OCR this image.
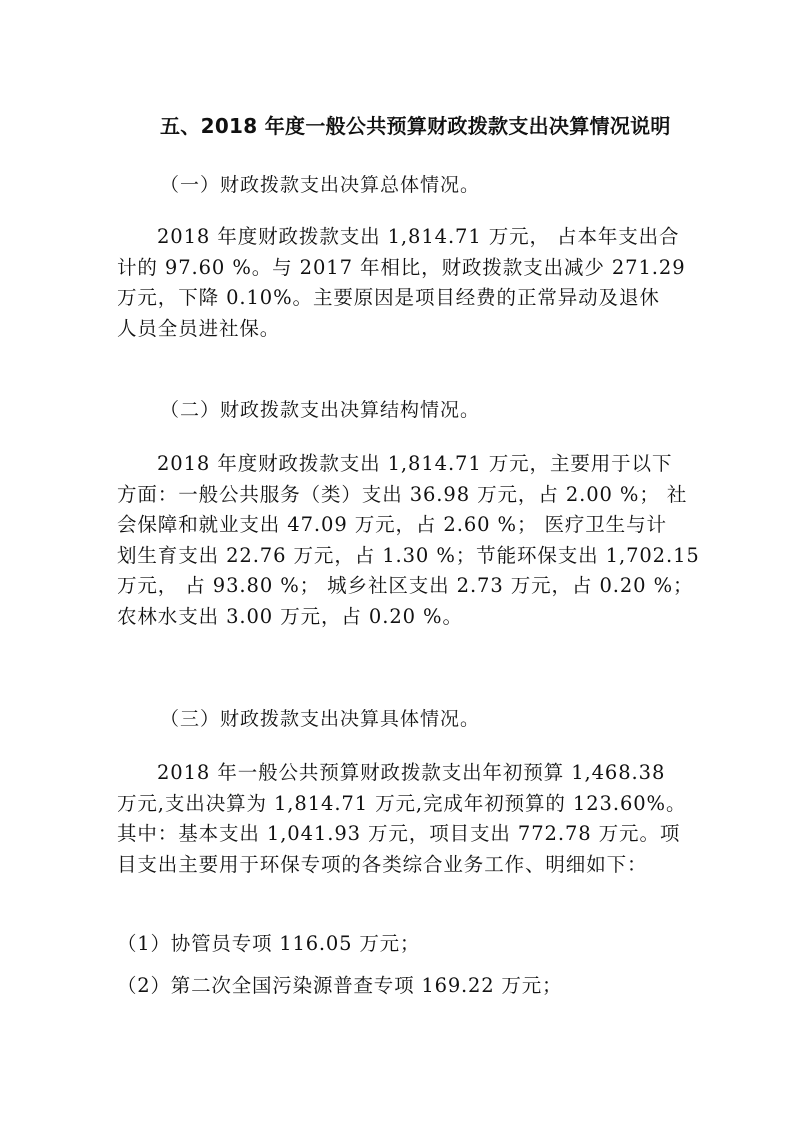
五、2018 年度一般公共预算财政拨款支出决算情况说明
（一）财政拨款支出决算总体情况。
2018 年度财政拨款支出 1,814.71 万元， 占本年支出合
计的 97.60 %。与 2017 年相比，财政拨款支出减少 271.29
万元，下降 0.10%。主要原因是项目经费的正常异动及退休
人员全员进社保。
（二）财政拨款支出决算结构情况。
2018 年度财政拨款支出 1,814.71 万元，主要用于以下
方面：一般公共服务（类）支出 36.98 万元，占 2.00 %； 社
会保障和就业支出 47.09 万元，占 2.60 %； 医疗卫生与计
划生育支出 22.76 万元，占 1.30 %；节能环保支出 1,702.15
万元， 占 93.80 %； 城乡社区支出 2.73 万元，占 0.20 %；
农林水支出 3.00 万元，占 0.20 %。
（三）财政拨款支出决算具体情况。
2018 年一般公共预算财政拨款支出年初预算 1,468.38
万元,支出决算为 1,814.71 万元,完成年初预算的 123.60%。
其中：基本支出 1,041.93 万元，项目支出 772.78 万元。项
目支出主要用于环保专项的各类综合业务工作、明细如下：
（1）协管员专项 116.05 万元；
（2）第二次全国污染源普查专项 169.22 万元；
